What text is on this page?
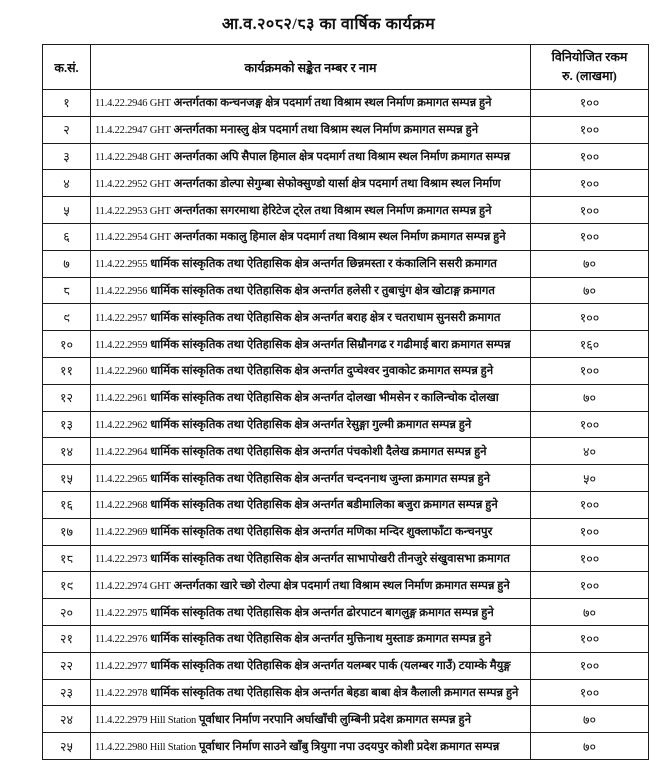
आ.व.२०८२/८३ का वार्षिक कार्यक्रम
क.सं.	कार्यक्रमको सङ्केत नम्बर र नाम	विनियोजित रकम
रु. (लाखमा)

१	11.4.22.2946 GHT अन्तर्गतका कन्चनजङ्ग क्षेत्र पदमार्ग तथा विश्राम स्थल निर्माण क्रमागत सम्पन्न हुने	१००
२	11.4.22.2947 GHT अन्तर्गतका मनास्लु क्षेत्र पदमार्ग तथा विश्राम स्थल निर्माण क्रमागत सम्पन्न हुने	१००
३	11.4.22.2948 GHT अन्तर्गतका अपि सैपाल हिमाल क्षेत्र पदमार्ग तथा विश्राम स्थल निर्माण क्रमागत सम्पन्न	१००
४	11.4.22.2952 GHT अन्तर्गतका डोल्पा सेगुम्बा सेफोक्सुण्डो यार्सा क्षेत्र पदमार्ग तथा विश्राम स्थल निर्माण	१००
५	11.4.22.2953 GHT अन्तर्गतका सगरमाथा हेरिटेज ट्रेल तथा विश्राम स्थल निर्माण क्रमागत सम्पन्न हुने	१००
६	11.4.22.2954 GHT अन्तर्गतका मकालु हिमाल क्षेत्र पदमार्ग तथा विश्राम स्थल निर्माण क्रमागत सम्पन्न हुने	१००
७	11.4.22.2955 धार्मिक सांस्कृतिक तथा ऐतिहासिक क्षेत्र अन्तर्गत छिन्नमस्ता र कंकालिनि ससरी क्रमागत	७०
८	11.4.22.2956 धार्मिक सांस्कृतिक तथा ऐतिहासिक क्षेत्र अन्तर्गत हलेसी र तुबाचुंग क्षेत्र खोटाङ्ग क्रमागत	७०
९	11.4.22.2957 धार्मिक सांस्कृतिक तथा ऐतिहासिक क्षेत्र अन्तर्गत बराह क्षेत्र र चतराधाम सुनसरी क्रमागत	१००
१०	11.4.22.2959 धार्मिक सांस्कृतिक तथा ऐतिहासिक क्षेत्र अन्तर्गत सिम्रौनगढ र गढीमाई बारा क्रमागत सम्पन्न	१६०
११	11.4.22.2960 धार्मिक सांस्कृतिक तथा ऐतिहासिक क्षेत्र अन्तर्गत दुप्चेश्वर नुवाकोट क्रमागत सम्पन्न हुने	१००
१२	11.4.22.2961 धार्मिक सांस्कृतिक तथा ऐतिहासिक क्षेत्र अन्तर्गत दोलखा भीमसेन र कालिन्चोक दोलखा	७०
१३	11.4.22.2962 धार्मिक सांस्कृतिक तथा ऐतिहासिक क्षेत्र अन्तर्गत रेसुङ्गा गुल्मी क्रमागत सम्पन्न हुने	१००
१४	11.4.22.2964 धार्मिक सांस्कृतिक तथा ऐतिहासिक क्षेत्र अन्तर्गत पंचकोशी दैलेख क्रमागत सम्पन्न हुने	४०
१५	11.4.22.2965 धार्मिक सांस्कृतिक तथा ऐतिहासिक क्षेत्र अन्तर्गत चन्दननाथ जुम्ला क्रमागत सम्पन्न हुने	५०
१६	11.4.22.2968 धार्मिक सांस्कृतिक तथा ऐतिहासिक क्षेत्र अन्तर्गत बडीमालिका बजुरा क्रमागत सम्पन्न हुने	१००
१७	11.4.22.2969 धार्मिक सांस्कृतिक तथा ऐतिहासिक क्षेत्र अन्तर्गत मणिका मन्दिर शुक्लाफाँटा कन्चनपुर	१००
१८	11.4.22.2973 धार्मिक सांस्कृतिक तथा ऐतिहासिक क्षेत्र अन्तर्गत साभापोखरी तीनजुरे संखुवासभा क्रमागत	१००
१९	11.4.22.2974 GHT अन्तर्गतका खारे च्छो रोल्पा क्षेत्र पदमार्ग तथा विश्राम स्थल निर्माण क्रमागत सम्पन्न हुने	१००
२०	11.4.22.2975 धार्मिक सांस्कृतिक तथा ऐतिहासिक क्षेत्र अन्तर्गत ढोरपाटन बागलुङ्ग क्रमागत सम्पन्न हुने	७०
२१	11.4.22.2976 धार्मिक सांस्कृतिक तथा ऐतिहासिक क्षेत्र अन्तर्गत मुक्तिनाथ मुस्ताङ क्रमागत सम्पन्न हुने	१००
२२	11.4.22.2977 धार्मिक सांस्कृतिक तथा ऐतिहासिक क्षेत्र अन्तर्गत यलम्बर पार्क (यलम्बर गाउँ) टयाम्के मैयुङ्ग	१००
२३	11.4.22.2978 धार्मिक सांस्कृतिक तथा ऐतिहासिक क्षेत्र अन्तर्गत बेहडा बाबा क्षेत्र कैलाली क्रमागत सम्पन्न हुने	१००
२४	11.4.22.2979 Hill Station पूर्वाधार निर्माण नरपानि अर्घाखाँची लुम्बिनी प्रदेश क्रमागत सम्पन्न हुने	७०
२५	11.4.22.2980 Hill Station पूर्वाधार निर्माण साउने खाँबु त्रियुगा नपा उदयपुर कोशी प्रदेश क्रमागत सम्पन्न	७०
